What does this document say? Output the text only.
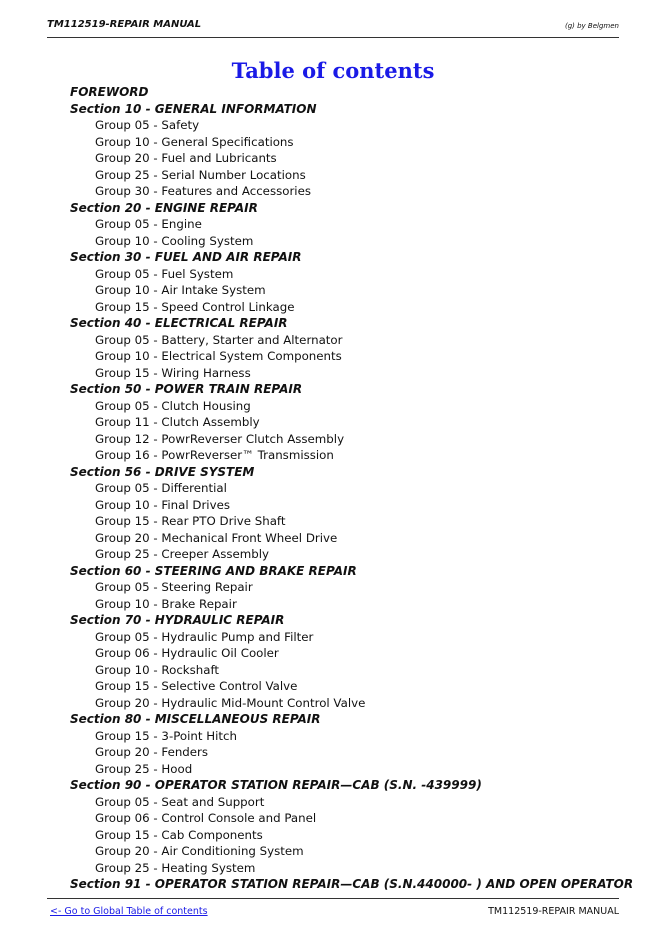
TM112519-REPAIR MANUAL	(g) by Belgmen
Table of contents
FOREWORD
Section 10 - GENERAL INFORMATION
Group 05 - Safety
Group 10 - General Specifications
Group 20 - Fuel and Lubricants
Group 25 - Serial Number Locations
Group 30 - Features and Accessories
Section 20 - ENGINE REPAIR
Group 05 - Engine
Group 10 - Cooling System
Section 30 - FUEL AND AIR REPAIR
Group 05 - Fuel System
Group 10 - Air Intake System
Group 15 - Speed Control Linkage
Section 40 - ELECTRICAL REPAIR
Group 05 - Battery, Starter and Alternator
Group 10 - Electrical System Components
Group 15 - Wiring Harness
Section 50 - POWER TRAIN REPAIR
Group 05 - Clutch Housing
Group 11 - Clutch Assembly
Group 12 - PowrReverser Clutch Assembly
Group 16 - PowrReverser™ Transmission
Section 56 - DRIVE SYSTEM
Group 05 - Differential
Group 10 - Final Drives
Group 15 - Rear PTO Drive Shaft
Group 20 - Mechanical Front Wheel Drive
Group 25 - Creeper Assembly
Section 60 - STEERING AND BRAKE REPAIR
Group 05 - Steering Repair
Group 10 - Brake Repair
Section 70 - HYDRAULIC REPAIR
Group 05 - Hydraulic Pump and Filter
Group 06 - Hydraulic Oil Cooler
Group 10 - Rockshaft
Group 15 - Selective Control Valve
Group 20 - Hydraulic Mid-Mount Control Valve
Section 80 - MISCELLANEOUS REPAIR
Group 15 - 3-Point Hitch
Group 20 - Fenders
Group 25 - Hood
Section 90 - OPERATOR STATION REPAIR—CAB (S.N. -439999)
Group 05 - Seat and Support
Group 06 - Control Console and Panel
Group 15 - Cab Components
Group 20 - Air Conditioning System
Group 25 - Heating System
Section 91 - OPERATOR STATION REPAIR—CAB (S.N.440000- ) AND OPEN OPERATOR
<- Go to Global Table of contents	TM112519-REPAIR MANUAL
